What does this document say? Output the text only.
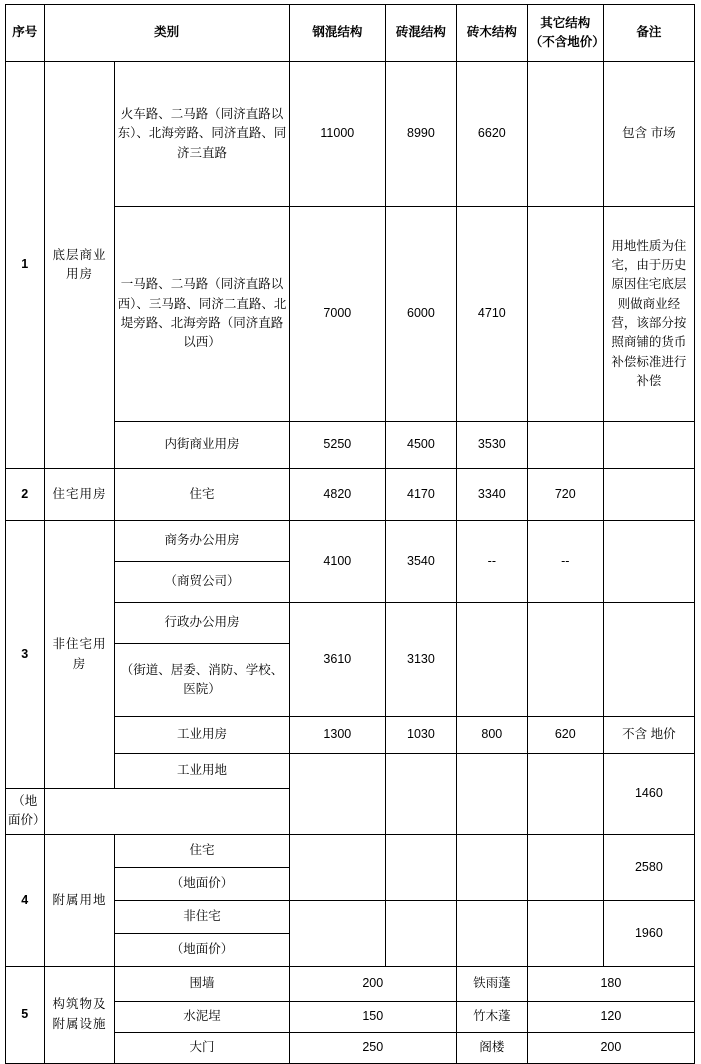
序号	类别		钢混结构	砖混结构	砖木结构	其它结构（不含地价）	备注
1	底层商业用房	火车路、二马路（同济直路以东）、北海旁路、同济直路、同济三直路	11000	8990	6620		包含 市场
		一马路、二马路（同济直路以西）、三马路、同济二直路、北堤旁路、北海旁路（同济直路以西）	7000	6000	4710		用地性质为住宅，由于历史原因住宅底层则做商业经营，该部分按照商铺的货币补偿标准进行补偿
		内街商业用房	5250	4500	3530		
2	住宅用房	住宅	4820	4170	3340	720	
3	非住宅用房	商务办公用房	4100	3540	--	--	
		（商贸公司）					
		行政办公用房	3610	3130			
		（街道、居委、消防、学校、医院）					
		工业用房	1300	1030	800	620	不含 地价
		工业用地					1460
（地面价）							
4	附属用地	住宅					2580
		（地面价）					
		非住宅					1960
		（地面价）					
5	构筑物及附属设施	围墙	200		铁雨蓬	180	
		水泥埕	150		竹木蓬	120	
		大门	250		阁楼	200	
